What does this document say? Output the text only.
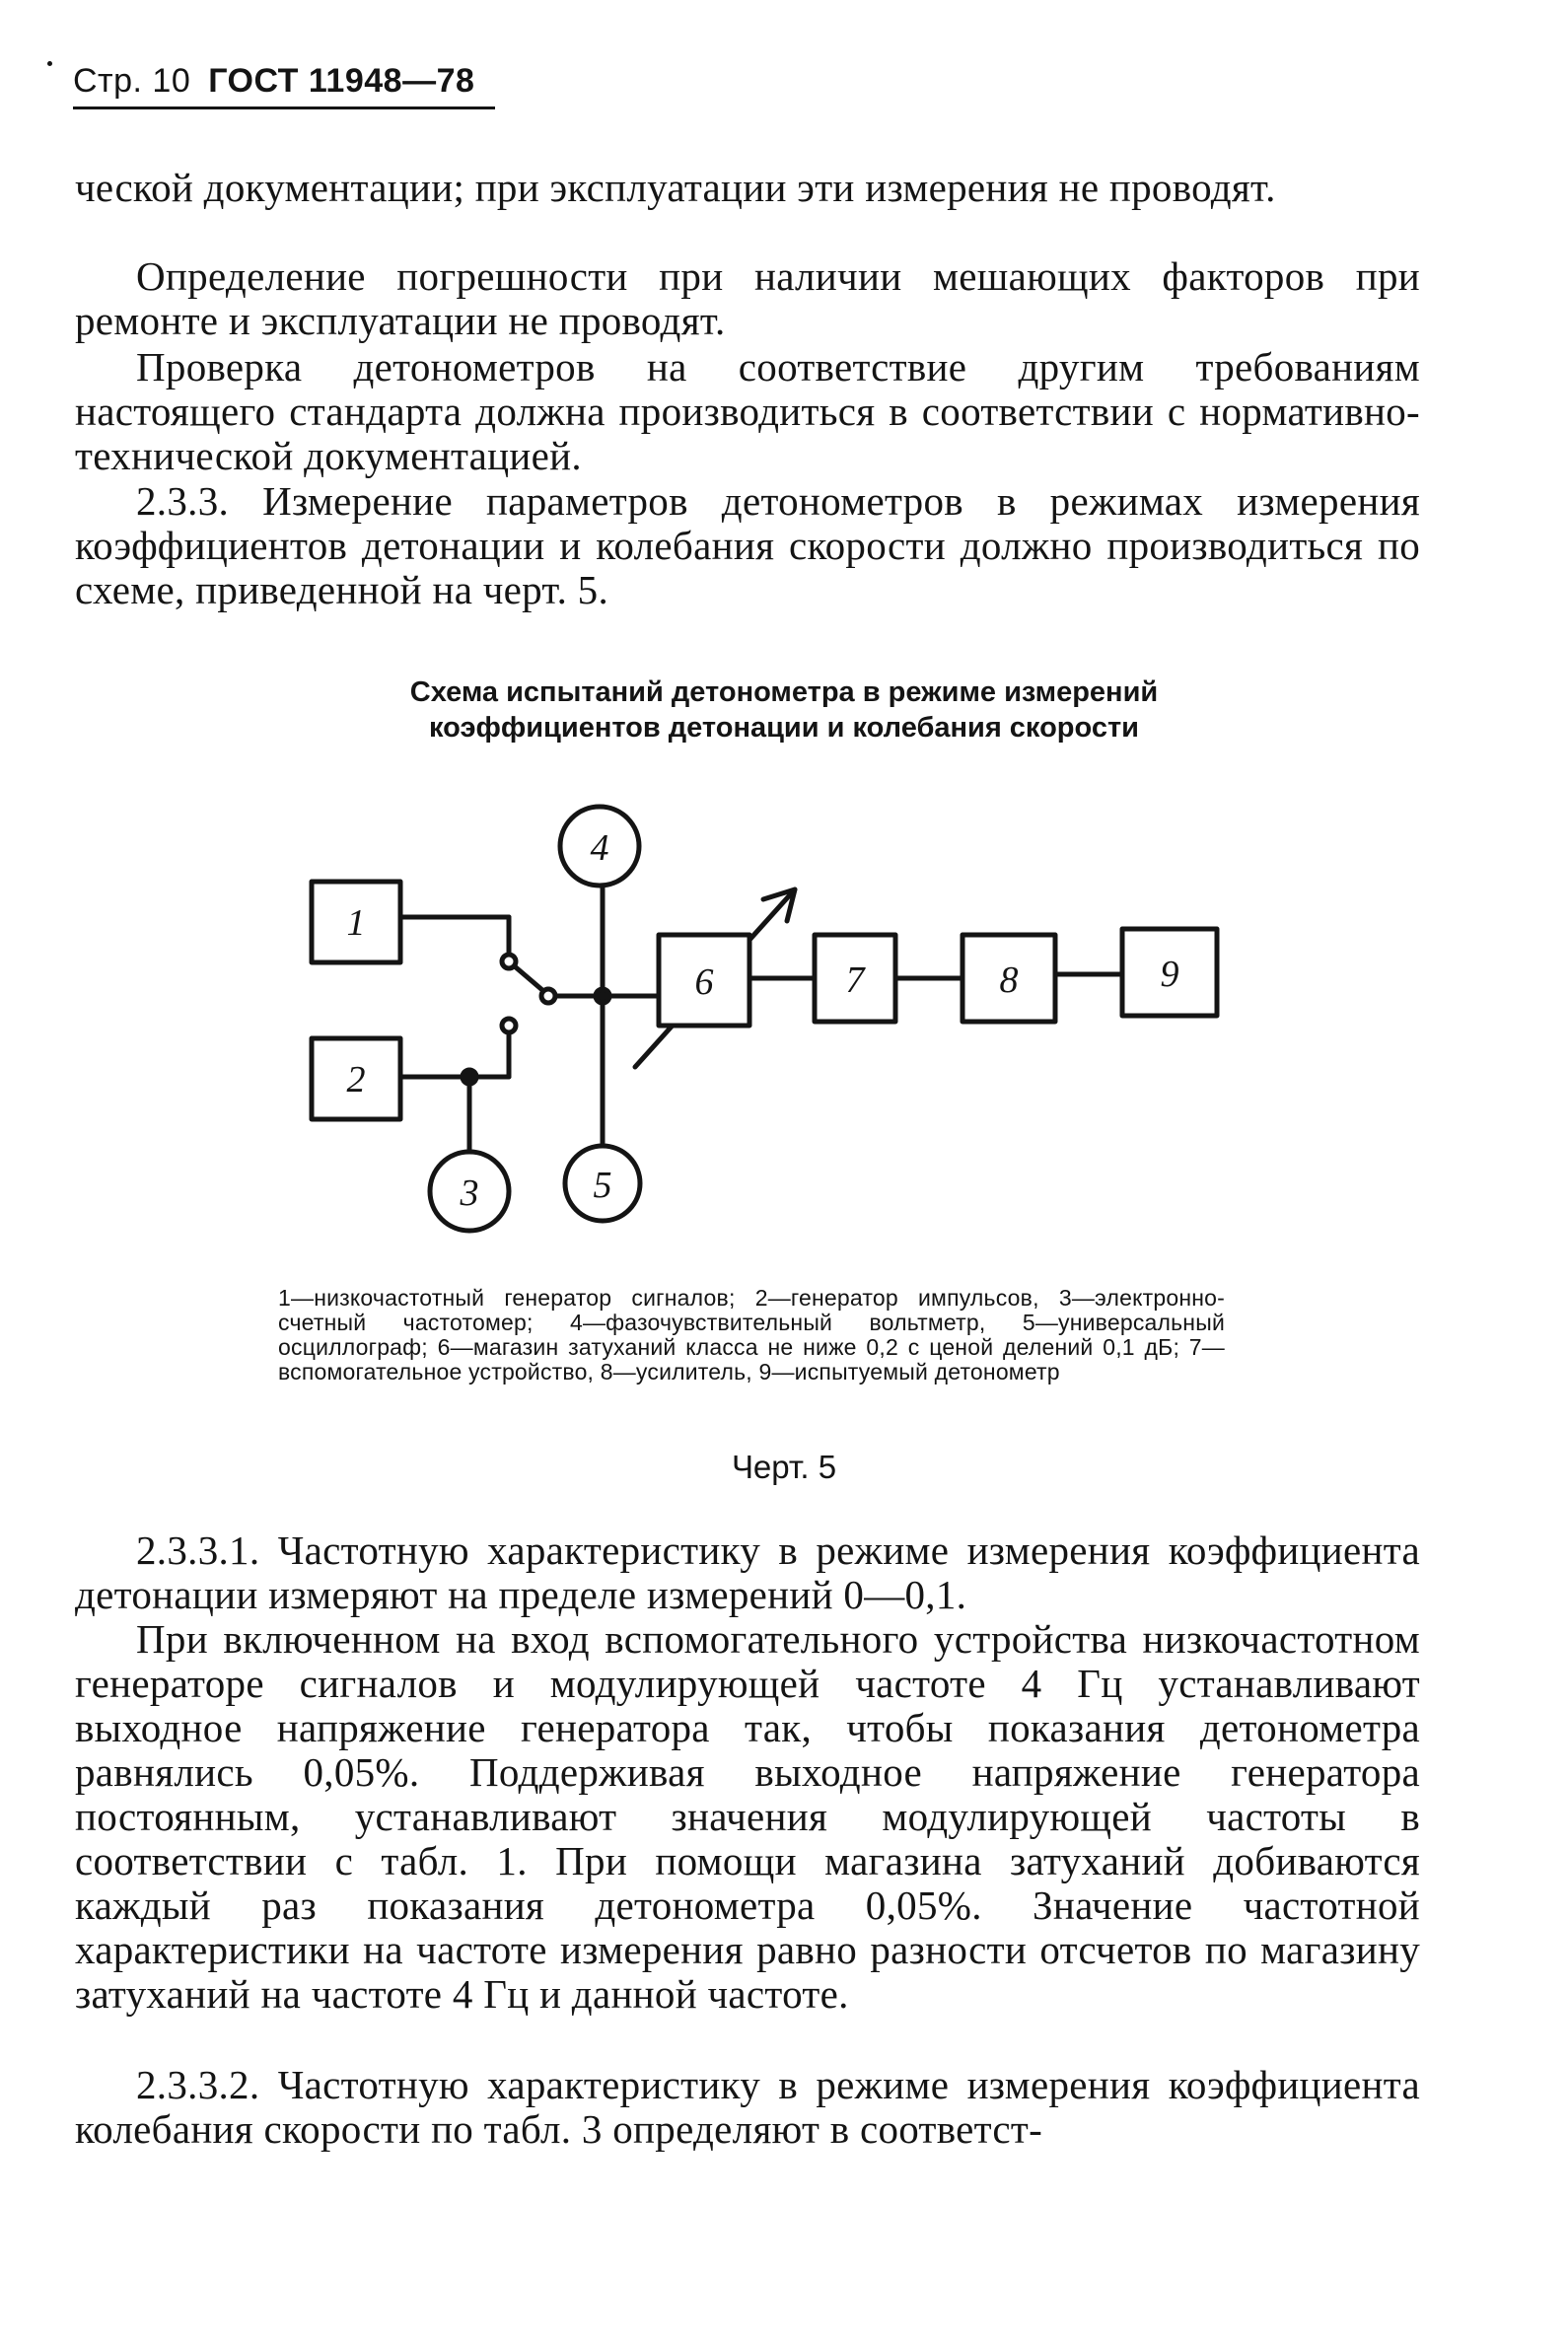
Стр. 10 ГОСТ 11948—78

ческой документации; при эксплуатации эти измерения не проводят.

Определение погрешности при наличии мешающих факторов при ремонте и эксплуатации не проводят.

Проверка детонометров на соответствие другим требованиям настоящего стандарта должна производиться в соответствии с нормативно-технической документацией.

2.3.3. Измерение параметров детонометров в режимах измерения коэффициентов детонации и колебания скорости должно производиться по схеме, приведенной на черт. 5.

Схема испытаний детонометра в режиме измерений
коэффициентов детонации и колебания скорости
1
2
3
4
5
6	7	8	9
1—низкочастотный генератор сигналов; 2—генератор импульсов, 3—электронно-счетный частотомер; 4—фазочувствительный вольтметр, 5—универсальный осциллограф; 6—магазин затуханий класса не ниже 0,2 с ценой делений 0,1 дБ; 7—вспомогательное устройство, 8—усилитель, 9—испытуемый детонометр
Черт. 5

2.3.3.1. Частотную характеристику в режиме измерения коэффициента детонации измеряют на пределе измерений 0—0,1.

При включенном на вход вспомогательного устройства низкочастотном генераторе сигналов и модулирующей частоте 4 Гц устанавливают выходное напряжение генератора так, чтобы показания детонометра равнялись 0,05%. Поддерживая выходное напряжение генератора постоянным, устанавливают значения модулирующей частоты в соответствии с табл. 1. При помощи магазина затуханий добиваются каждый раз показания детонометра 0,05%. Значение частотной характеристики на частоте измерения равно разности отсчетов по магазину затуханий на частоте 4 Гц и данной частоте.

2.3.3.2. Частотную характеристику в режиме измерения коэффициента колебания скорости по табл. 3 определяют в соответст-
